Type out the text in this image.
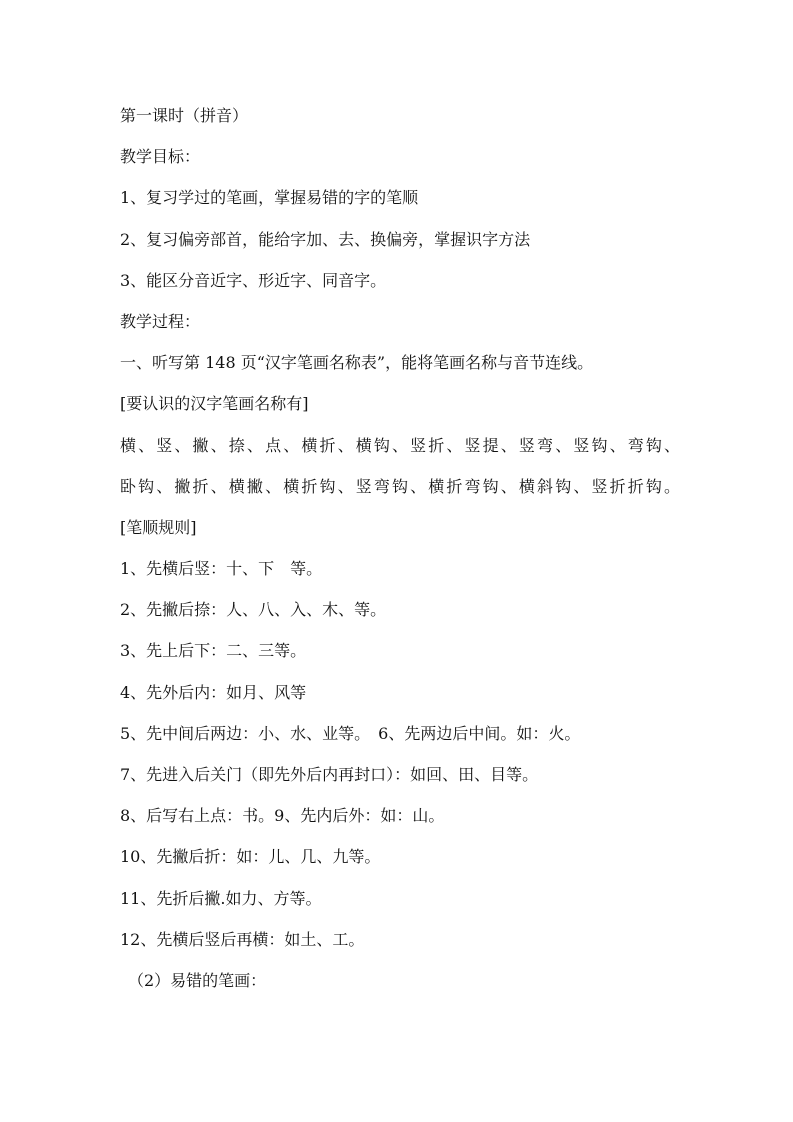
第一课时（拼音）
教学目标：
1、复习学过的笔画，掌握易错的字的笔顺
2、复习偏旁部首，能给字加、去、换偏旁，掌握识字方法
3、能区分音近字、形近字、同音字。
教学过程：
一、听写第 148 页“汉字笔画名称表”，能将笔画名称与音节连线。
[要认识的汉字笔画名称有]
横、竖、撇、捺、点、横折、横钩、竖折、竖提、竖弯、竖钩、弯钩、
卧钩、撇折、横撇、横折钩、竖弯钩、横折弯钩、横斜钩、竖折折钩。
[笔顺规则]
1、先横后竖：十、下　等。
2、先撇后捺：人、八、入、木、等。
3、先上后下：二、三等。
4、先外后内：如月、风等
5、先中间后两边：小、水、业等。　6、先两边后中间。如：火。
7、先进入后关门（即先外后内再封口）：如回、田、目等。
8、后写右上点：书。9、先内后外：如：山。
10、先撇后折：如：儿、几、九等。
11、先折后撇.如力、方等。
12、先横后竖后再横：如土、工。
（2）易错的笔画：
